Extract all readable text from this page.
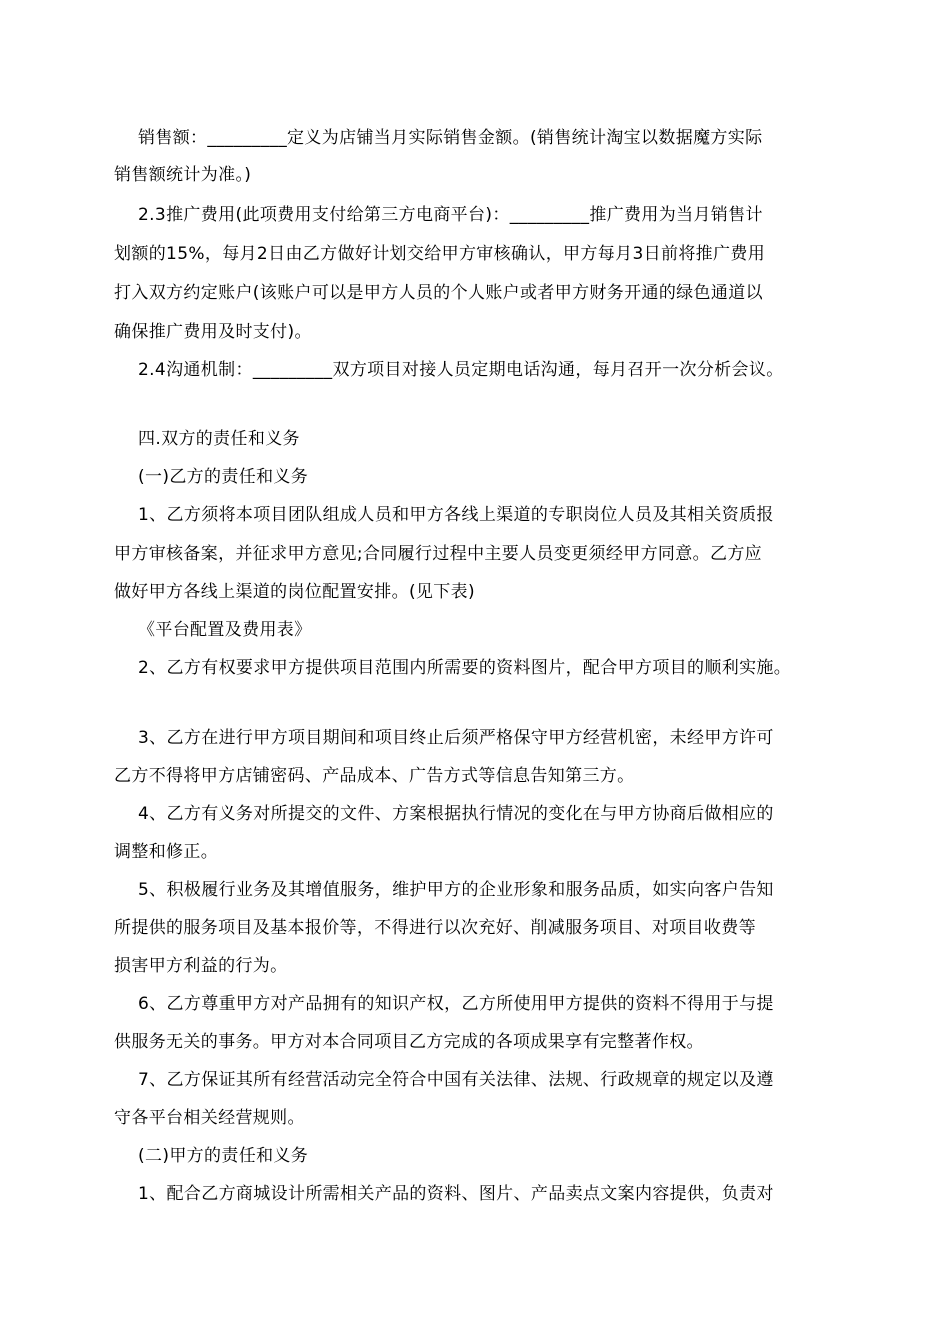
销售额：_________定义为店铺当月实际销售金额。(销售统计淘宝以数据魔方实际
销售额统计为准。)
2.3推广费用(此项费用支付给第三方电商平台)：_________推广费用为当月销售计
划额的15%，每月2日由乙方做好计划交给甲方审核确认，甲方每月3日前将推广费用
打入双方约定账户(该账户可以是甲方人员的个人账户或者甲方财务开通的绿色通道以
确保推广费用及时支付)。
2.4沟通机制：_________双方项目对接人员定期电话沟通，每月召开一次分析会议。
四.双方的责任和义务
(一)乙方的责任和义务
1、乙方须将本项目团队组成人员和甲方各线上渠道的专职岗位人员及其相关资质报
甲方审核备案，并征求甲方意见;合同履行过程中主要人员变更须经甲方同意。乙方应
做好甲方各线上渠道的岗位配置安排。(见下表)
《平台配置及费用表》
2、乙方有权要求甲方提供项目范围内所需要的资料图片，配合甲方项目的顺利实施。
3、乙方在进行甲方项目期间和项目终止后须严格保守甲方经营机密，未经甲方许可
乙方不得将甲方店铺密码、产品成本、广告方式等信息告知第三方。
4、乙方有义务对所提交的文件、方案根据执行情况的变化在与甲方协商后做相应的
调整和修正。
5、积极履行业务及其增值服务，维护甲方的企业形象和服务品质，如实向客户告知
所提供的服务项目及基本报价等，不得进行以次充好、削减服务项目、对项目收费等
损害甲方利益的行为。
6、乙方尊重甲方对产品拥有的知识产权，乙方所使用甲方提供的资料不得用于与提
供服务无关的事务。甲方对本合同项目乙方完成的各项成果享有完整著作权。
7、乙方保证其所有经营活动完全符合中国有关法律、法规、行政规章的规定以及遵
守各平台相关经营规则。
(二)甲方的责任和义务
1、配合乙方商城设计所需相关产品的资料、图片、产品卖点文案内容提供，负责对
